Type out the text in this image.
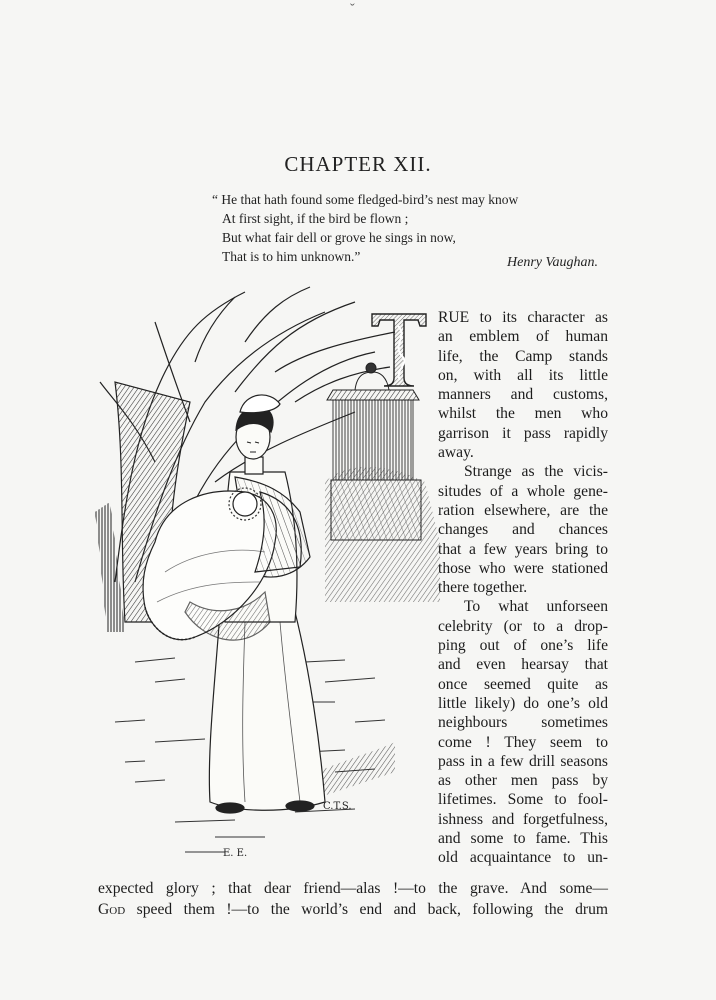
ˇ
CHAPTER XII.
“ He that hath found some fledged-bird’s nest may know
At first sight, if the bird be flown ;
But what fair dell or grove he sings in now,
That is to him unknown.”	Henry Vaughan.
C.T.S.
E. E.
RUE to its character as
an emblem of human
life, the Camp stands
on, with all its little
manners and customs,
whilst the men who
garrison it pass rapidly
away.
Strange as the vicis-
situdes of a whole gene-
ration elsewhere, are the
changes and chances
that a few years bring to
those who were stationed
there together.
To what unforseen
celebrity (or to a drop-
ping out of one’s life
and even hearsay that
once seemed quite as
little likely) do one’s old
neighbours sometimes
come ! They seem to
pass in a few drill seasons
as other men pass by
lifetimes. Some to fool-
ishness and forgetfulness,
and some to fame. This
old acquaintance to un-
expected glory ; that dear friend—alas !—to the grave. And some—
God speed them !—to the world’s end and back, following the drum
